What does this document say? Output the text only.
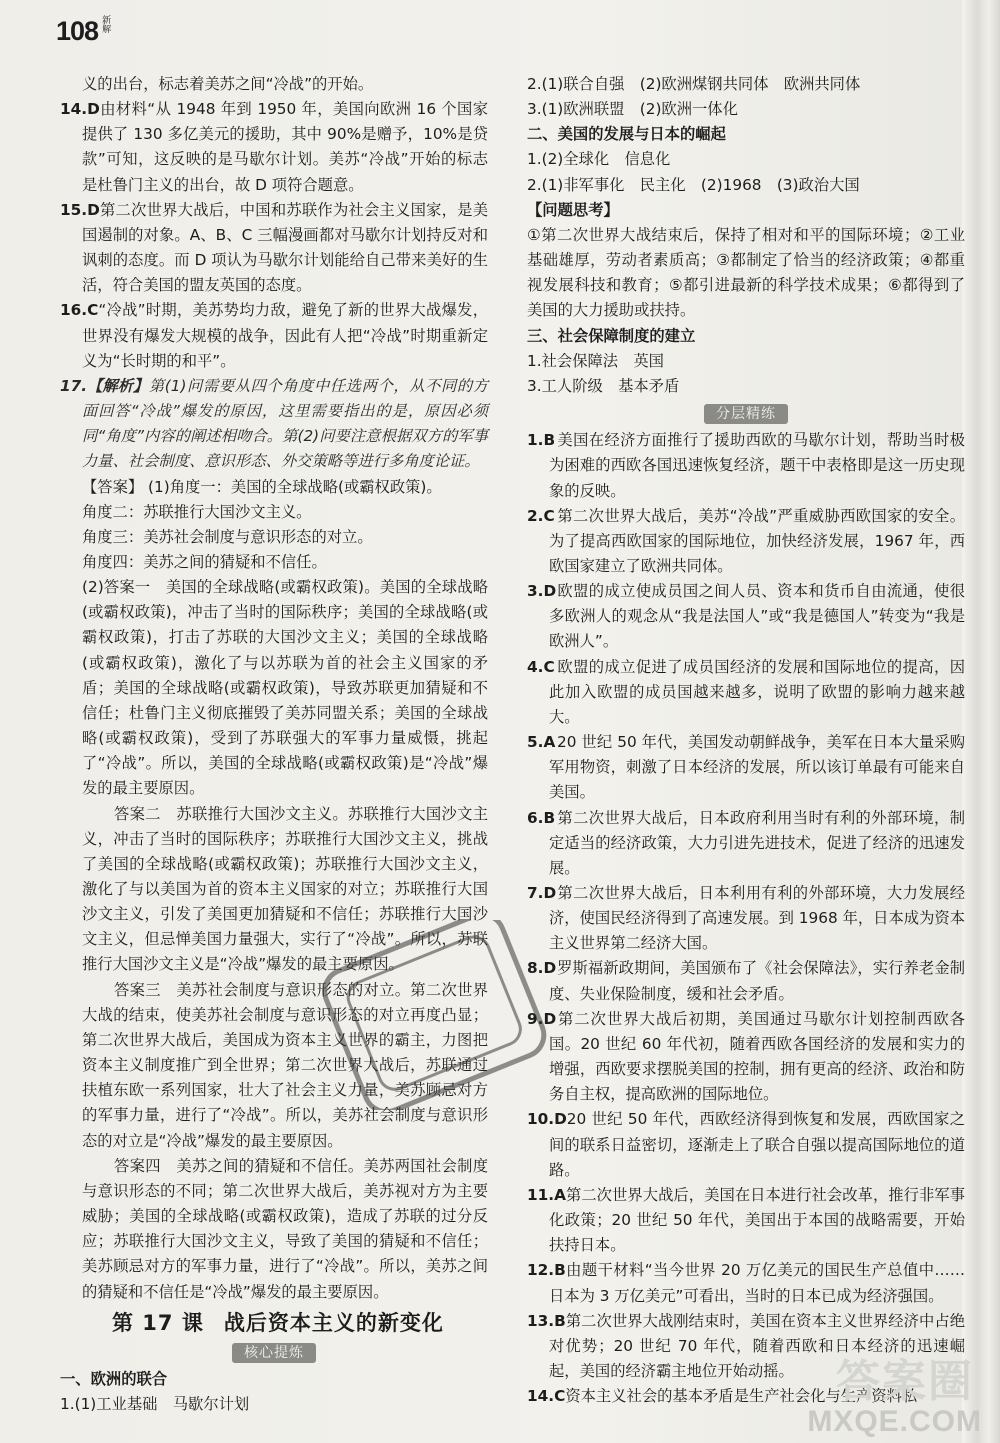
108 新解

义的出台，标志着美苏之间“冷战”的开始。

14.D由材料“从 1948 年到 1950 年，美国向欧洲 16 个国家提供了 130 多亿美元的援助，其中 90%是赠予，10%是贷款”可知，这反映的是马歇尔计划。美苏“冷战”开始的标志是杜鲁门主义的出台，故 D 项符合题意。

15.D第二次世界大战后，中国和苏联作为社会主义国家，是美国遏制的对象。A、B、C 三幅漫画都对马歇尔计划持反对和讽刺的态度。而 D 项认为马歇尔计划能给自己带来美好的生活，符合美国的盟友英国的态度。

16.C“冷战”时期，美苏势均力敌，避免了新的世界大战爆发，世界没有爆发大规模的战争，因此有人把“冷战”时期重新定义为“长时期的和平”。

17.【解析】第(1)问需要从四个角度中任选两个，从不同的方面回答“冷战”爆发的原因，这里需要指出的是，原因必须同“角度”内容的阐述相吻合。第(2)问要注意根据双方的军事力量、社会制度、意识形态、外交策略等进行多角度论证。

【答案】 (1)角度一：美国的全球战略(或霸权政策)。

角度二：苏联推行大国沙文主义。

角度三：美苏社会制度与意识形态的对立。

角度四：美苏之间的猜疑和不信任。

(2)答案一　美国的全球战略(或霸权政策)。美国的全球战略(或霸权政策)，冲击了当时的国际秩序；美国的全球战略(或霸权政策)，打击了苏联的大国沙文主义；美国的全球战略(或霸权政策)，激化了与以苏联为首的社会主义国家的矛盾；美国的全球战略(或霸权政策)，导致苏联更加猜疑和不信任；杜鲁门主义彻底摧毁了美苏同盟关系；美国的全球战略(或霸权政策)，受到了苏联强大的军事力量威慑，挑起了“冷战”。所以，美国的全球战略(或霸权政策)是“冷战”爆发的最主要原因。

答案二　苏联推行大国沙文主义。苏联推行大国沙文主义，冲击了当时的国际秩序；苏联推行大国沙文主义，挑战了美国的全球战略(或霸权政策)；苏联推行大国沙文主义，激化了与以美国为首的资本主义国家的对立；苏联推行大国沙文主义，引发了美国更加猜疑和不信任；苏联推行大国沙文主义，但忌惮美国力量强大，实行了“冷战”。所以，苏联推行大国沙文主义是“冷战”爆发的最主要原因。

答案三　美苏社会制度与意识形态的对立。第二次世界大战的结束，使美苏社会制度与意识形态的对立再度凸显；第二次世界大战后，美国成为资本主义世界的霸主，力图把资本主义制度推广到全世界；第二次世界大战后，苏联通过扶植东欧一系列国家，壮大了社会主义力量，美苏顾忌对方的军事力量，进行了“冷战”。所以，美苏社会制度与意识形态的对立是“冷战”爆发的最主要原因。

答案四　美苏之间的猜疑和不信任。美苏两国社会制度与意识形态的不同；第二次世界大战后，美苏视对方为主要威胁；美国的全球战略(或霸权政策)，造成了苏联的过分反应；苏联推行大国沙文主义，导致了美国的猜疑和不信任；美苏顾忌对方的军事力量，进行了“冷战”。所以，美苏之间的猜疑和不信任是“冷战”爆发的最主要原因。

第 17 课 战后资本主义的新变化
核心提炼

一、欧洲的联合

1.(1)工业基础　马歇尔计划

2.(1)联合自强　(2)欧洲煤钢共同体　欧洲共同体

3.(1)欧洲联盟　(2)欧洲一体化

二、美国的发展与日本的崛起

1.(2)全球化　信息化

2.(1)非军事化　民主化　(2)1968　(3)政治大国

【问题思考】

①第二次世界大战结束后，保持了相对和平的国际环境；②工业基础雄厚，劳动者素质高；③都制定了恰当的经济政策；④都重视发展科技和教育；⑤都引进最新的科学技术成果；⑥都得到了美国的大力援助或扶持。

三、社会保障制度的建立

1.社会保障法　英国

3.工人阶级　基本矛盾

分层精练

1.B 美国在经济方面推行了援助西欧的马歇尔计划，帮助当时极为困难的西欧各国迅速恢复经济，题干中表格即是这一历史现象的反映。

2.C 第二次世界大战后，美苏“冷战”严重威胁西欧国家的安全。为了提高西欧国家的国际地位，加快经济发展，1967 年，西欧国家建立了欧洲共同体。

3.D欧盟的成立使成员国之间人员、资本和货币自由流通，使很多欧洲人的观念从“我是法国人”或“我是德国人”转变为“我是欧洲人”。

4.C 欧盟的成立促进了成员国经济的发展和国际地位的提高，因此加入欧盟的成员国越来越多，说明了欧盟的影响力越来越大。

5.A 20 世纪 50 年代，美国发动朝鲜战争，美军在日本大量采购军用物资，刺激了日本经济的发展，所以该订单最有可能来自美国。

6.B 第二次世界大战后，日本政府利用当时有利的外部环境，制定适当的经济政策，大力引进先进技术，促进了经济的迅速发展。

7.D第二次世界大战后，日本利用有利的外部环境，大力发展经济，使国民经济得到了高速发展。到 1968 年，日本成为资本主义世界第二经济大国。

8.D罗斯福新政期间，美国颁布了《社会保障法》，实行养老金制度、失业保险制度，缓和社会矛盾。

9.D第二次世界大战后初期，美国通过马歇尔计划控制西欧各国。20 世纪 60 年代初，随着西欧各国经济的发展和实力的增强，西欧要求摆脱美国的控制，拥有更高的经济、政治和防务自主权，提高欧洲的国际地位。

10.D20 世纪 50 年代，西欧经济得到恢复和发展，西欧国家之间的联系日益密切，逐渐走上了联合自强以提高国际地位的道路。

11.A第二次世界大战后，美国在日本进行社会改革，推行非军事化政策；20 世纪 50 年代，美国出于本国的战略需要，开始扶持日本。

12.B由题干材料“当今世界 20 万亿美元的国民生产总值中……日本为 3 万亿美元”可看出，当时的日本已成为经济强国。

13.B第二次世界大战刚结束时，美国在资本主义世界经济中占绝对优势；20 世纪 70 年代，随着西欧和日本经济的迅速崛起，美国的经济霸主地位开始动摇。

14.C资本主义社会的基本矛盾是生产社会化与生产资料私

答案圈
MXQE.COM
